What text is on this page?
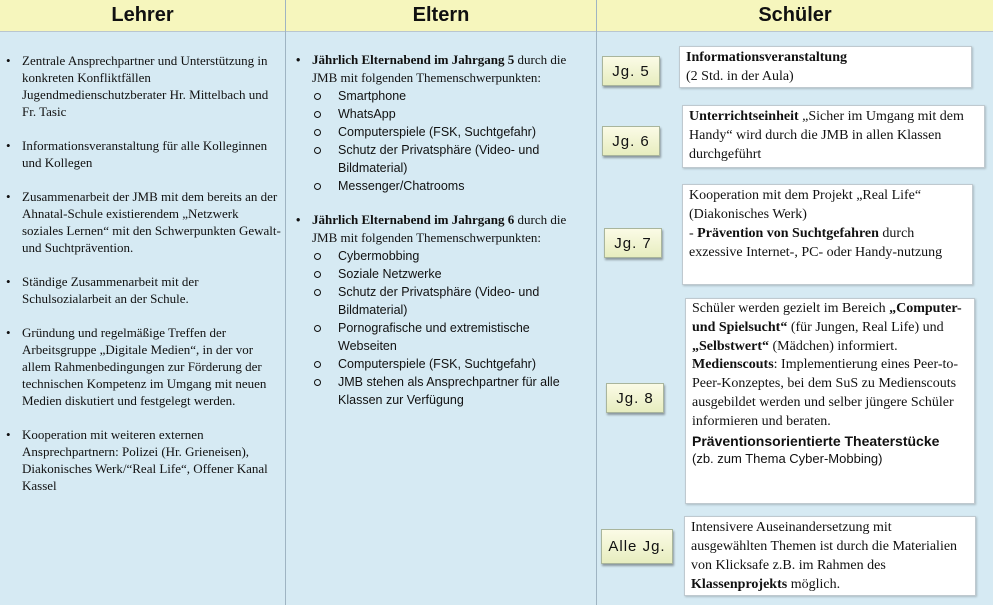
Lehrer	Eltern	Schüler
• Zentrale Ansprechpartner und Unterstützung in konkreten Konfliktfällen Jugendmedienschutzberater Hr. Mittelbach und Fr. Tasic
• Informationsveranstaltung für alle Kolleginnen und Kollegen
• Zusammenarbeit der JMB mit dem bereits an der Ahnatal-Schule existierendem „Netzwerk soziales Lernen“ mit den Schwerpunkten Gewalt- und Suchtprävention.
• Ständige Zusammenarbeit mit der Schulsozialarbeit an der Schule.
• Gründung und regelmäßige Treffen der Arbeitsgruppe „Digitale Medien“, in der vor allem Rahmenbedingungen zur Förderung der technischen Kompetenz im Umgang mit neuen Medien diskutiert und festgelegt werden.
• Kooperation mit weiteren externen Ansprechpartnern: Polizei (Hr. Grieneisen), Diakonisches Werk/“Real Life“, Offener Kanal Kassel
• Jährlich Elternabend im Jahrgang 5 durch die JMB mit folgenden Themenschwerpunkten:
Smartphone
WhatsApp
Computerspiele (FSK, Suchtgefahr)
Schutz der Privatsphäre (Video- und Bildmaterial)
Messenger/Chatrooms
• Jährlich Elternabend im Jahrgang 6 durch die JMB mit folgenden Themenschwerpunkten:
Cybermobbing
Soziale Netzwerke
Schutz der Privatsphäre (Video- und Bildmaterial)
Pornografische und extremistische Webseiten
Computerspiele (FSK, Suchtgefahr)
JMB stehen als Ansprechpartner für alle Klassen zur Verfügung
Jg. 5
Informationsveranstaltung
(2 Std. in der Aula)
Jg. 6
Unterrichtseinheit „Sicher im Umgang mit dem Handy“ wird durch die JMB in allen Klassen durchgeführt
Jg. 7
Kooperation mit dem Projekt „Real Life“ (Diakonisches Werk)
- Prävention von Suchtgefahren durch exzessive Internet-, PC- oder Handy-nutzung
Jg. 8
Schüler werden gezielt im Bereich „Computer- und Spielsucht“ (für Jungen, Real Life) und „Selbstwert“ (Mädchen) informiert.
Medienscouts: Implementierung eines Peer-to-Peer-Konzeptes, bei dem SuS zu Medienscouts ausgebildet werden und selber jüngere Schüler informieren und beraten.
Präventionsorientierte Theaterstücke
(zb. zum Thema Cyber-Mobbing)
Alle Jg.
Intensivere Auseinandersetzung mit ausgewählten Themen ist durch die Materialien von Klicksafe z.B. im Rahmen des Klassenprojekts möglich.
